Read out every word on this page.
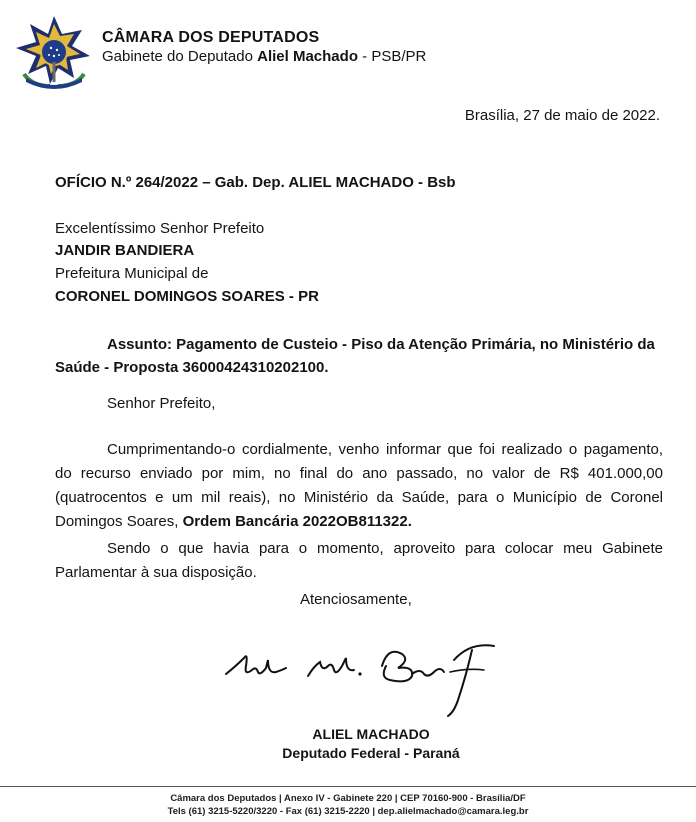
CÂMARA DOS DEPUTADOS
Gabinete do Deputado Aliel Machado - PSB/PR
Brasília, 27 de maio de 2022.
OFÍCIO N.º 264/2022 – Gab. Dep. ALIEL MACHADO - Bsb
Excelentíssimo Senhor Prefeito
JANDIR BANDIERA
Prefeitura Municipal de
CORONEL DOMINGOS SOARES - PR
Assunto: Pagamento de Custeio - Piso da Atenção Primária, no Ministério da Saúde - Proposta 36000424310202100.
Senhor Prefeito,
Cumprimentando-o cordialmente, venho informar que foi realizado o pagamento, do recurso enviado por mim, no final do ano passado, no valor de R$ 401.000,00 (quatrocentos e um mil reais), no Ministério da Saúde, para o Município de Coronel Domingos Soares, Ordem Bancária 2022OB811322.
Sendo o que havia para o momento, aproveito para colocar meu Gabinete Parlamentar à sua disposição.
Atenciosamente,
ALIEL MACHADO
Deputado Federal - Paraná
Câmara dos Deputados | Anexo IV - Gabinete 220 | CEP 70160-900 - Brasília/DF
Tels (61) 3215-5220/3220 - Fax (61) 3215-2220 | dep.alielmachado@camara.leg.br
